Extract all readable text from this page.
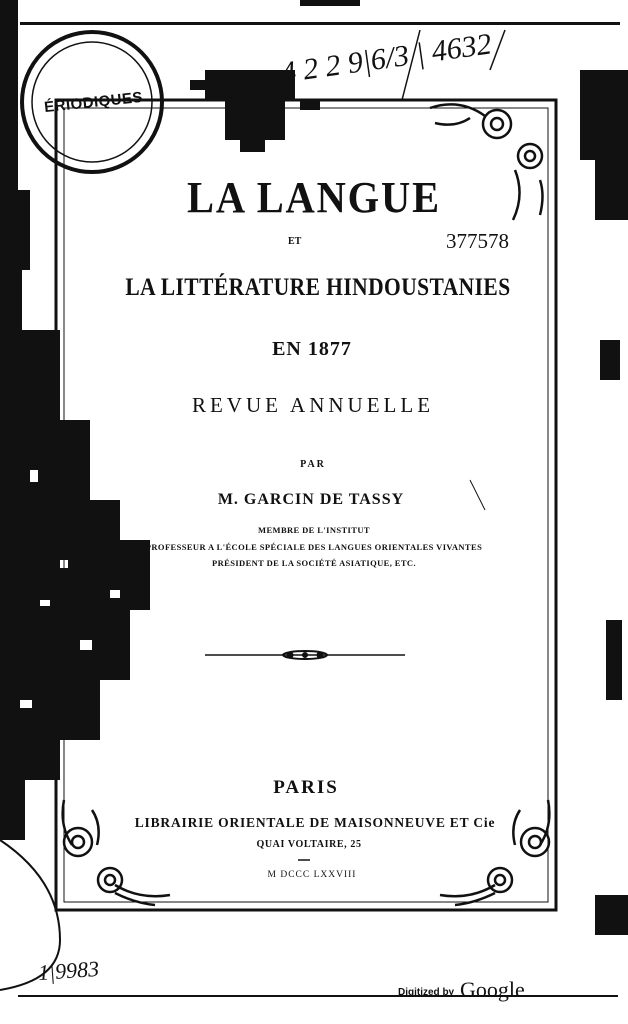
ÉRIODIQUES
4 2 2 9|6/3 | 4632
1|9983
LA LANGUE
ET	377578
LA LITTÉRATURE HINDOUSTANIES
EN 1877
REVUE ANNUELLE
PAR
M. GARCIN DE TASSY
MEMBRE DE L'INSTITUT
PROFESSEUR A L'ÉCOLE SPÉCIALE DES LANGUES ORIENTALES VIVANTES
PRÉSIDENT DE LA SOCIÉTÉ ASIATIQUE, ETC.
PARIS
LIBRAIRIE ORIENTALE DE MAISONNEUVE ET Cie
QUAI VOLTAIRE, 25
M DCCC LXXVIII
Digitized by Google
